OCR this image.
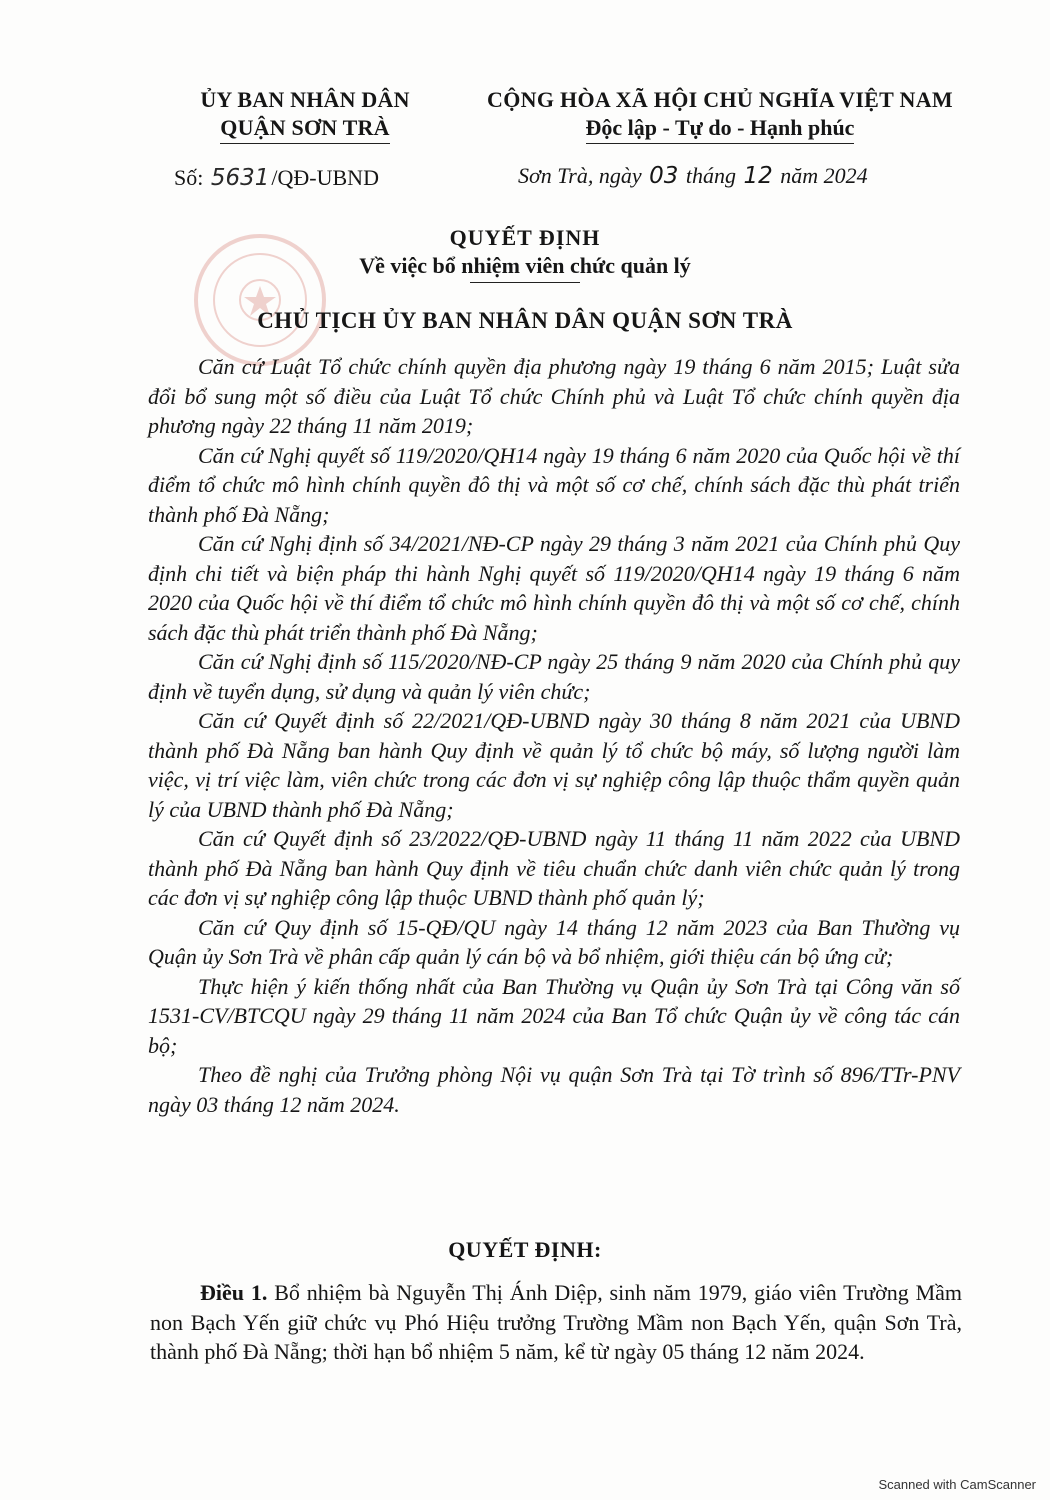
ỦY BAN NHÂN DÂN
QUẬN SƠN TRÀ
CỘNG HÒA XÃ HỘI CHỦ NGHĨA VIỆT NAM
Độc lập - Tự do - Hạnh phúc
Số: 5631/QĐ-UBND	Sơn Trà, ngày 03 tháng 12 năm 2024
QUYẾT ĐỊNH
Về việc bổ nhiệm viên chức quản lý
CHỦ TỊCH ỦY BAN NHÂN DÂN QUẬN SƠN TRÀ

Căn cứ Luật Tổ chức chính quyền địa phương ngày 19 tháng 6 năm 2015; Luật sửa đổi bổ sung một số điều của Luật Tổ chức Chính phủ và Luật Tổ chức chính quyền địa phương ngày 22 tháng 11 năm 2019;

Căn cứ Nghị quyết số 119/2020/QH14 ngày 19 tháng 6 năm 2020 của Quốc hội về thí điểm tổ chức mô hình chính quyền đô thị và một số cơ chế, chính sách đặc thù phát triển thành phố Đà Nẵng;

Căn cứ Nghị định số 34/2021/NĐ-CP ngày 29 tháng 3 năm 2021 của Chính phủ Quy định chi tiết và biện pháp thi hành Nghị quyết số 119/2020/QH14 ngày 19 tháng 6 năm 2020 của Quốc hội về thí điểm tổ chức mô hình chính quyền đô thị và một số cơ chế, chính sách đặc thù phát triển thành phố Đà Nẵng;

Căn cứ Nghị định số 115/2020/NĐ-CP ngày 25 tháng 9 năm 2020 của Chính phủ quy định về tuyển dụng, sử dụng và quản lý viên chức;

Căn cứ Quyết định số 22/2021/QĐ-UBND ngày 30 tháng 8 năm 2021 của UBND thành phố Đà Nẵng ban hành Quy định về quản lý tổ chức bộ máy, số lượng người làm việc, vị trí việc làm, viên chức trong các đơn vị sự nghiệp công lập thuộc thẩm quyền quản lý của UBND thành phố Đà Nẵng;

Căn cứ Quyết định số 23/2022/QĐ-UBND ngày 11 tháng 11 năm 2022 của UBND thành phố Đà Nẵng ban hành Quy định về tiêu chuẩn chức danh viên chức quản lý trong các đơn vị sự nghiệp công lập thuộc UBND thành phố quản lý;

Căn cứ Quy định số 15-QĐ/QU ngày 14 tháng 12 năm 2023 của Ban Thường vụ Quận ủy Sơn Trà về phân cấp quản lý cán bộ và bổ nhiệm, giới thiệu cán bộ ứng cử;

Thực hiện ý kiến thống nhất của Ban Thường vụ Quận ủy Sơn Trà tại Công văn số 1531-CV/BTCQU ngày 29 tháng 11 năm 2024 của Ban Tổ chức Quận ủy về công tác cán bộ;

Theo đề nghị của Trưởng phòng Nội vụ quận Sơn Trà tại Tờ trình số 896/TTr-PNV ngày 03 tháng 12 năm 2024.

QUYẾT ĐỊNH:
Điều 1. Bổ nhiệm bà Nguyễn Thị Ánh Diệp, sinh năm 1979, giáo viên Trường Mầm non Bạch Yến giữ chức vụ Phó Hiệu trưởng Trường Mầm non Bạch Yến, quận Sơn Trà, thành phố Đà Nẵng; thời hạn bổ nhiệm 5 năm, kể từ ngày 05 tháng 12 năm 2024.
Scanned with CamScanner
